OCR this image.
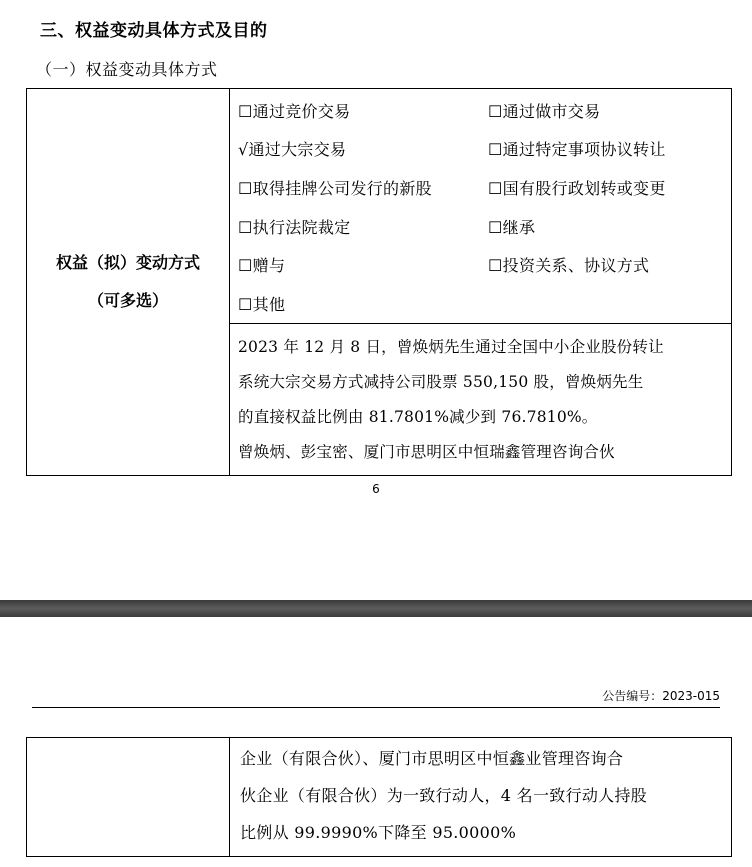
三、权益变动具体方式及目的
（一）权益变动具体方式
权益（拟）变动方式
（可多选）

☐通过竞价交易	☐通过做市交易
√通过大宗交易	☐通过特定事项协议转让
☐取得挂牌公司发行的新股	☐国有股行政划转或变更
☐执行法院裁定	☐继承
☐赠与	☐投资关系、协议方式
☐其他

2023 年 12 月 8 日，曾焕炳先生通过全国中小企业股份转让
系统大宗交易方式减持公司股票 550,150 股，曾焕炳先生
的直接权益比例由 81.7801%减少到 76.7810%。
曾焕炳、彭宝密、厦门市思明区中恒瑞鑫管理咨询合伙
6
公告编号：2023-015

企业（有限合伙）、厦门市思明区中恒鑫业管理咨询合
伙企业（有限合伙）为一致行动人，4 名一致行动人持股
比例从 99.9990%下降至 95.0000%
